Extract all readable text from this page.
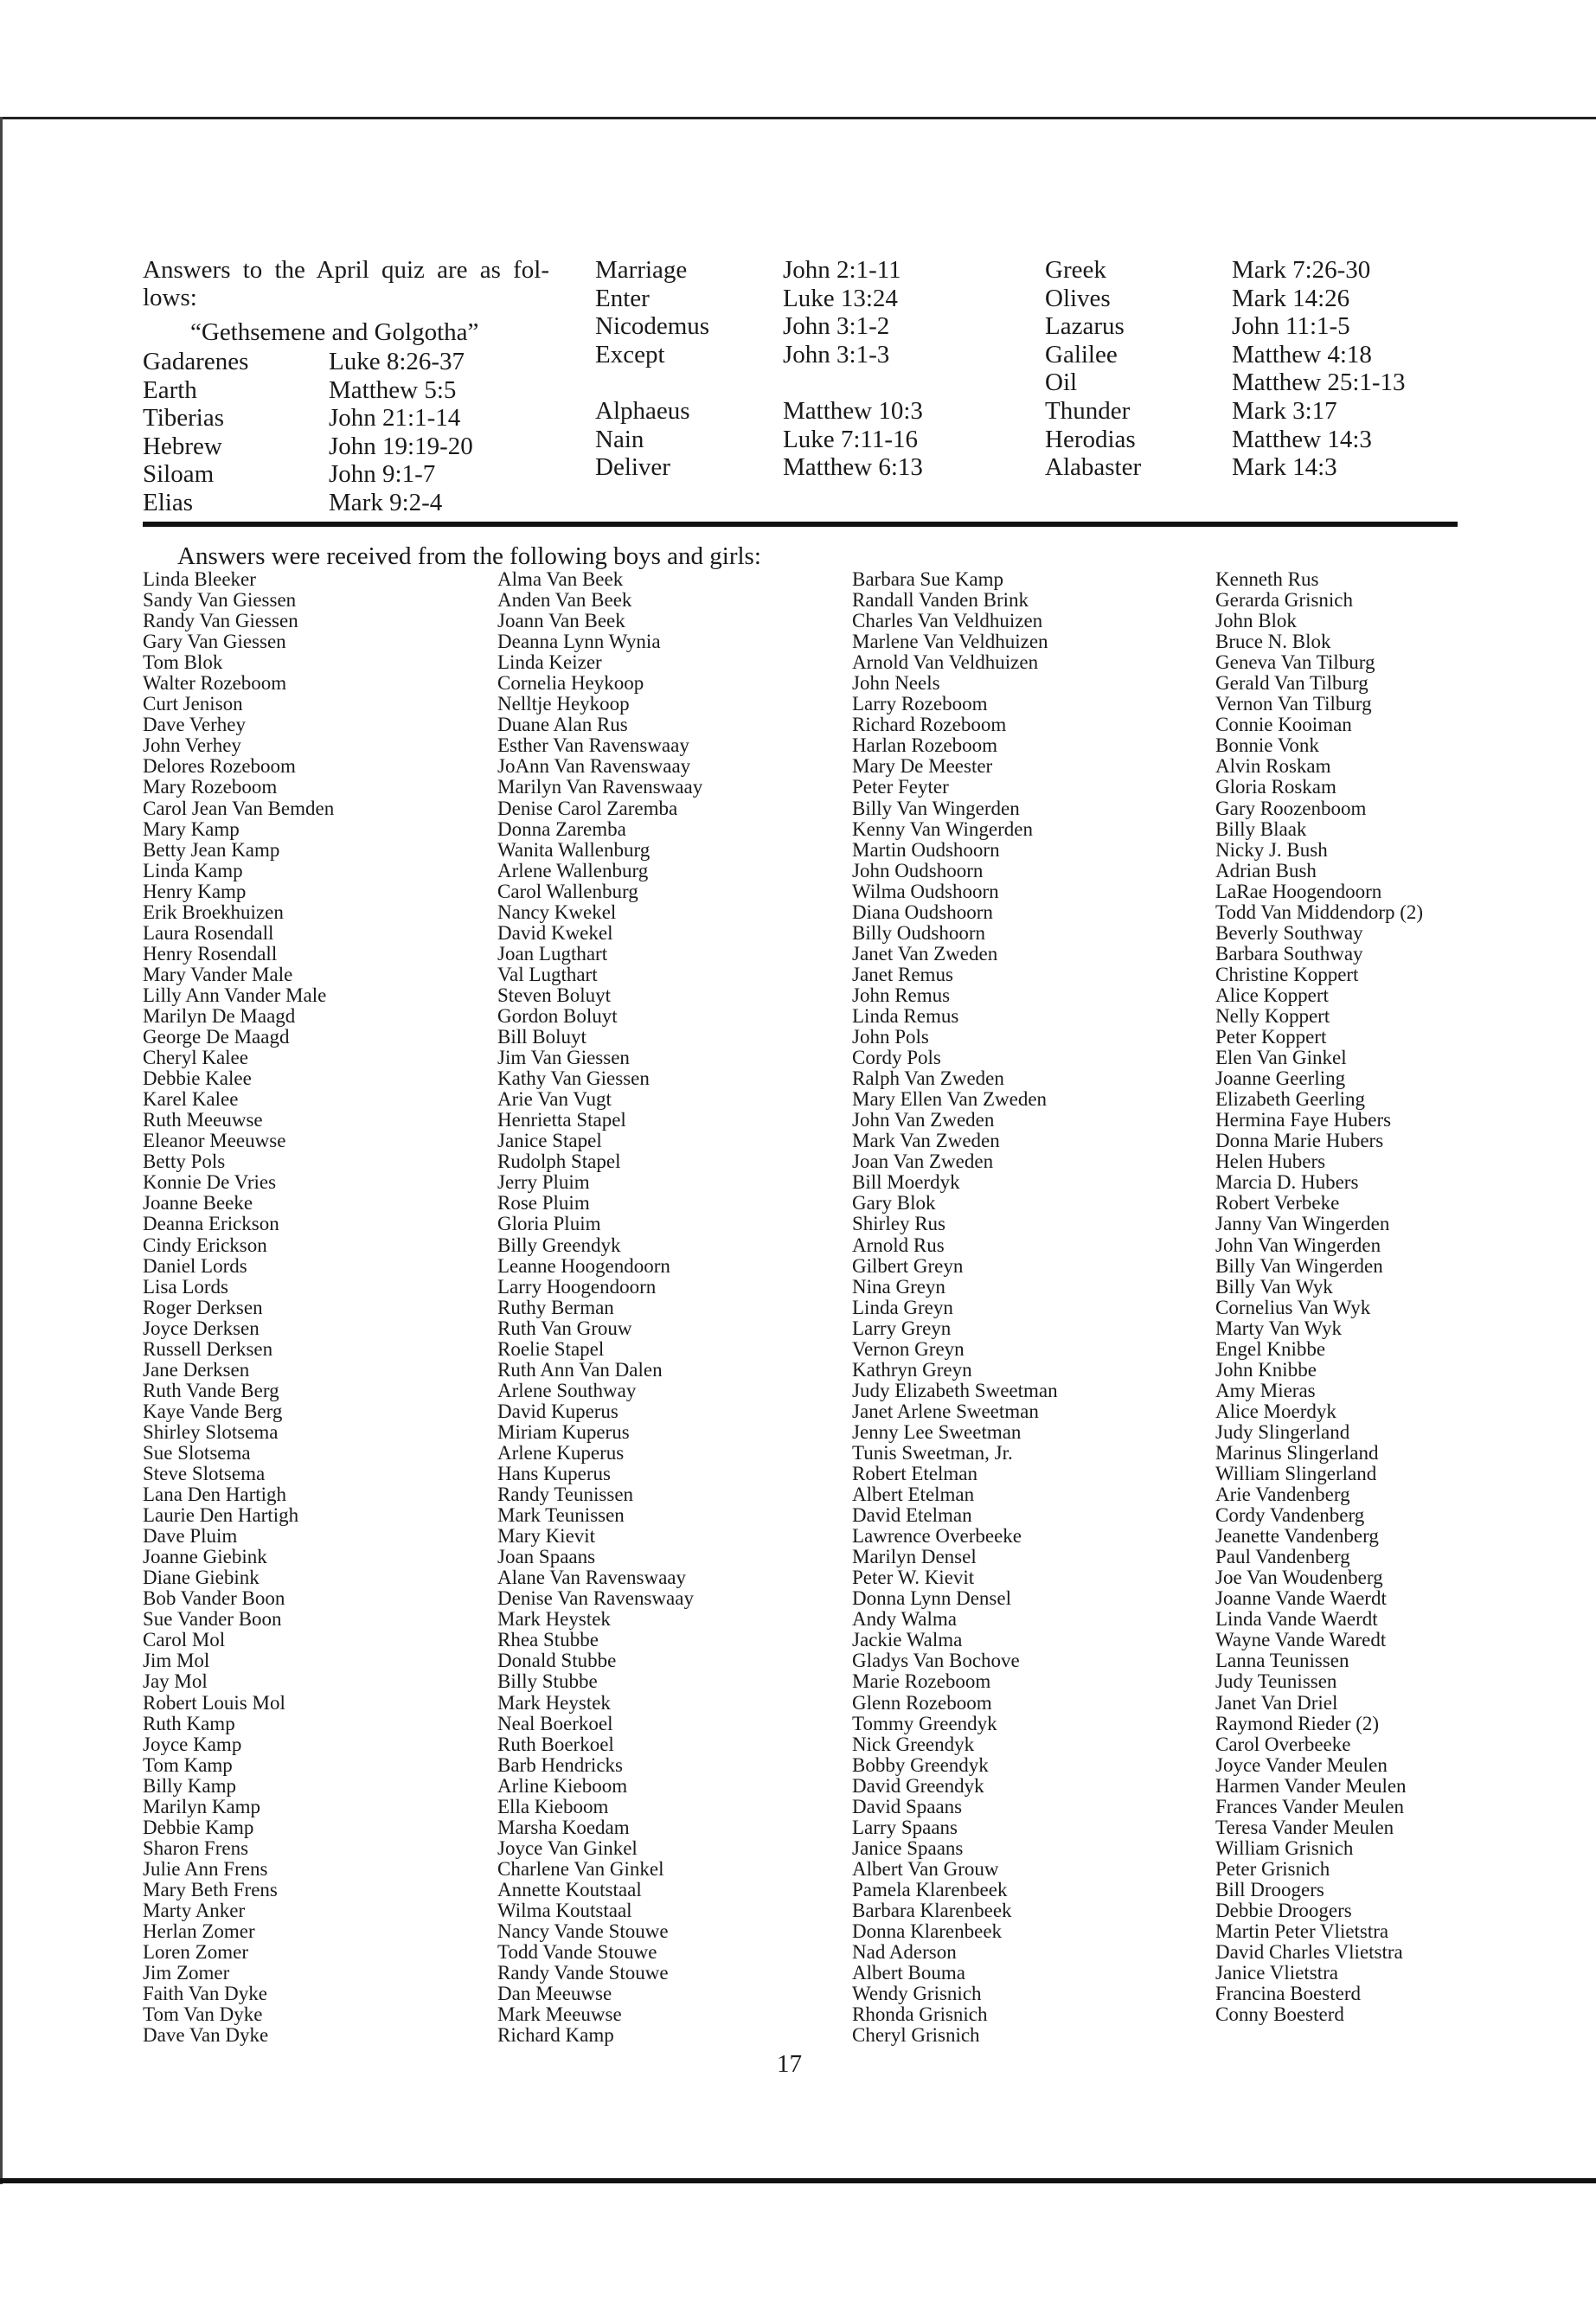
Answers to the April quiz are as fol-
lows:
“Gethsemene and Golgotha”
Gadarenes	Luke 8:26-37
Earth	Matthew 5:5
Tiberias	John 21:1-14
Hebrew	John 19:19-20
Siloam	John 9:1-7
Elias	Mark 9:2-4
Marriage	John 2:1-11
Enter	Luke 13:24
Nicodemus	John 3:1-2
Except	John 3:1-3
Alphaeus	Matthew 10:3
Nain	Luke 7:11-16
Deliver	Matthew 6:13
Greek	Mark 7:26-30
Olives	Mark 14:26
Lazarus	John 11:1-5
Galilee	Matthew 4:18
Oil	Matthew 25:1-13
Thunder	Mark 3:17
Herodias	Matthew 14:3
Alabaster	Mark 14:3
Answers were received from the following boys and girls:
Linda Bleeker
Sandy Van Giessen
Randy Van Giessen
Gary Van Giessen
Tom Blok
Walter Rozeboom
Curt Jenison
Dave Verhey
John Verhey
Delores Rozeboom
Mary Rozeboom
Carol Jean Van Bemden
Mary Kamp
Betty Jean Kamp
Linda Kamp
Henry Kamp
Erik Broekhuizen
Laura Rosendall
Henry Rosendall
Mary Vander Male
Lilly Ann Vander Male
Marilyn De Maagd
George De Maagd
Cheryl Kalee
Debbie Kalee
Karel Kalee
Ruth Meeuwse
Eleanor Meeuwse
Betty Pols
Konnie De Vries
Joanne Beeke
Deanna Erickson
Cindy Erickson
Daniel Lords
Lisa Lords
Roger Derksen
Joyce Derksen
Russell Derksen
Jane Derksen
Ruth Vande Berg
Kaye Vande Berg
Shirley Slotsema
Sue Slotsema
Steve Slotsema
Lana Den Hartigh
Laurie Den Hartigh
Dave Pluim
Joanne Giebink
Diane Giebink
Bob Vander Boon
Sue Vander Boon
Carol Mol
Jim Mol
Jay Mol
Robert Louis Mol
Ruth Kamp
Joyce Kamp
Tom Kamp
Billy Kamp
Marilyn Kamp
Debbie Kamp
Sharon Frens
Julie Ann Frens
Mary Beth Frens
Marty Anker
Herlan Zomer
Loren Zomer
Jim Zomer
Faith Van Dyke
Tom Van Dyke
Dave Van Dyke
Alma Van Beek
Anden Van Beek
Joann Van Beek
Deanna Lynn Wynia
Linda Keizer
Cornelia Heykoop
Nelltje Heykoop
Duane Alan Rus
Esther Van Ravenswaay
JoAnn Van Ravenswaay
Marilyn Van Ravenswaay
Denise Carol Zaremba
Donna Zaremba
Wanita Wallenburg
Arlene Wallenburg
Carol Wallenburg
Nancy Kwekel
David Kwekel
Joan Lugthart
Val Lugthart
Steven Boluyt
Gordon Boluyt
Bill Boluyt
Jim Van Giessen
Kathy Van Giessen
Arie Van Vugt
Henrietta Stapel
Janice Stapel
Rudolph Stapel
Jerry Pluim
Rose Pluim
Gloria Pluim
Billy Greendyk
Leanne Hoogendoorn
Larry Hoogendoorn
Ruthy Berman
Ruth Van Grouw
Roelie Stapel
Ruth Ann Van Dalen
Arlene Southway
David Kuperus
Miriam Kuperus
Arlene Kuperus
Hans Kuperus
Randy Teunissen
Mark Teunissen
Mary Kievit
Joan Spaans
Alane Van Ravenswaay
Denise Van Ravenswaay
Mark Heystek
Rhea Stubbe
Donald Stubbe
Billy Stubbe
Mark Heystek
Neal Boerkoel
Ruth Boerkoel
Barb Hendricks
Arline Kieboom
Ella Kieboom
Marsha Koedam
Joyce Van Ginkel
Charlene Van Ginkel
Annette Koutstaal
Wilma Koutstaal
Nancy Vande Stouwe
Todd Vande Stouwe
Randy Vande Stouwe
Dan Meeuwse
Mark Meeuwse
Richard Kamp
Barbara Sue Kamp
Randall Vanden Brink
Charles Van Veldhuizen
Marlene Van Veldhuizen
Arnold Van Veldhuizen
John Neels
Larry Rozeboom
Richard Rozeboom
Harlan Rozeboom
Mary De Meester
Peter Feyter
Billy Van Wingerden
Kenny Van Wingerden
Martin Oudshoorn
John Oudshoorn
Wilma Oudshoorn
Diana Oudshoorn
Billy Oudshoorn
Janet Van Zweden
Janet Remus
John Remus
Linda Remus
John Pols
Cordy Pols
Ralph Van Zweden
Mary Ellen Van Zweden
John Van Zweden
Mark Van Zweden
Joan Van Zweden
Bill Moerdyk
Gary Blok
Shirley Rus
Arnold Rus
Gilbert Greyn
Nina Greyn
Linda Greyn
Larry Greyn
Vernon Greyn
Kathryn Greyn
Judy Elizabeth Sweetman
Janet Arlene Sweetman
Jenny Lee Sweetman
Tunis Sweetman, Jr.
Robert Etelman
Albert Etelman
David Etelman
Lawrence Overbeeke
Marilyn Densel
Peter W. Kievit
Donna Lynn Densel
Andy Walma
Jackie Walma
Gladys Van Bochove
Marie Rozeboom
Glenn Rozeboom
Tommy Greendyk
Nick Greendyk
Bobby Greendyk
David Greendyk
David Spaans
Larry Spaans
Janice Spaans
Albert Van Grouw
Pamela Klarenbeek
Barbara Klarenbeek
Donna Klarenbeek
Nad Aderson
Albert Bouma
Wendy Grisnich
Rhonda Grisnich
Cheryl Grisnich
Kenneth Rus
Gerarda Grisnich
John Blok
Bruce N. Blok
Geneva Van Tilburg
Gerald Van Tilburg
Vernon Van Tilburg
Connie Kooiman
Bonnie Vonk
Alvin Roskam
Gloria Roskam
Gary Roozenboom
Billy Blaak
Nicky J. Bush
Adrian Bush
LaRae Hoogendoorn
Todd Van Middendorp (2)
Beverly Southway
Barbara Southway
Christine Koppert
Alice Koppert
Nelly Koppert
Peter Koppert
Elen Van Ginkel
Joanne Geerling
Elizabeth Geerling
Hermina Faye Hubers
Donna Marie Hubers
Helen Hubers
Marcia D. Hubers
Robert Verbeke
Janny Van Wingerden
John Van Wingerden
Billy Van Wingerden
Billy Van Wyk
Cornelius Van Wyk
Marty Van Wyk
Engel Knibbe
John Knibbe
Amy Mieras
Alice Moerdyk
Judy Slingerland
Marinus Slingerland
William Slingerland
Arie Vandenberg
Cordy Vandenberg
Jeanette Vandenberg
Paul Vandenberg
Joe Van Woudenberg
Joanne Vande Waerdt
Linda Vande Waerdt
Wayne Vande Waredt
Lanna Teunissen
Judy Teunissen
Janet Van Driel
Raymond Rieder (2)
Carol Overbeeke
Joyce Vander Meulen
Harmen Vander Meulen
Frances Vander Meulen
Teresa Vander Meulen
William Grisnich
Peter Grisnich
Bill Droogers
Debbie Droogers
Martin Peter Vlietstra
David Charles Vlietstra
Janice Vlietstra
Francina Boesterd
Conny Boesterd
17
